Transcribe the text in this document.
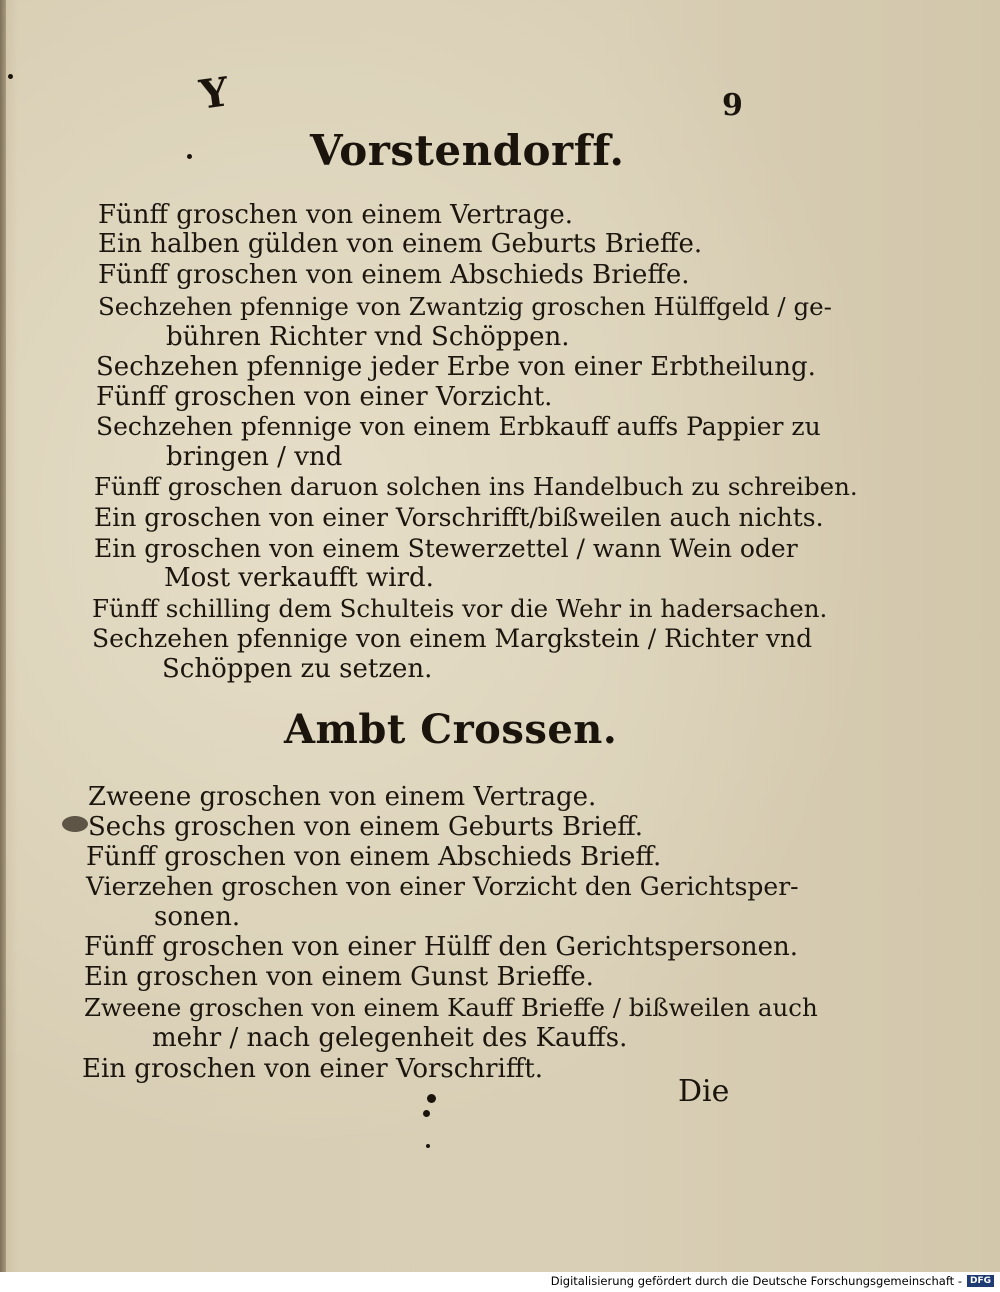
Y	9
Vorstendorff.
Fünff groschen von einem Vertrage.
Ein halben gülden von einem Geburts Brieffe.
Fünff groschen von einem Abschieds Brieffe.
Sechzehen pfennige von Zwantzig groschen Hülffgeld / ge-
bühren Richter vnd Schöppen.
Sechzehen pfennige jeder Erbe von einer Erbtheilung.
Fünff groschen von einer Vorzicht.
Sechzehen pfennige von einem Erbkauff auffs Pappier zu
bringen / vnd
Fünff groschen daruon solchen ins Handelbuch zu schreiben.
Ein groschen von einer Vorschrifft/bißweilen auch nichts.
Ein groschen von einem Stewerzettel / wann Wein oder
Most verkaufft wird.
Fünff schilling dem Schulteis vor die Wehr in hadersachen.
Sechzehen pfennige von einem Margkstein / Richter vnd
Schöppen zu setzen.
Ambt Crossen.
Zweene groschen von einem Vertrage.
Sechs groschen von einem Geburts Brieff.
Fünff groschen von einem Abschieds Brieff.
Vierzehen groschen von einer Vorzicht den Gerichtsper-
sonen.
Fünff groschen von einer Hülff den Gerichtspersonen.
Ein groschen von einem Gunst Brieffe.
Zweene groschen von einem Kauff Brieffe / bißweilen auch
mehr / nach gelegenheit des Kauffs.
Ein groschen von einer Vorschrifft.
Die
Digitalisierung gefördert durch die Deutsche Forschungsgemeinschaft - DFG
